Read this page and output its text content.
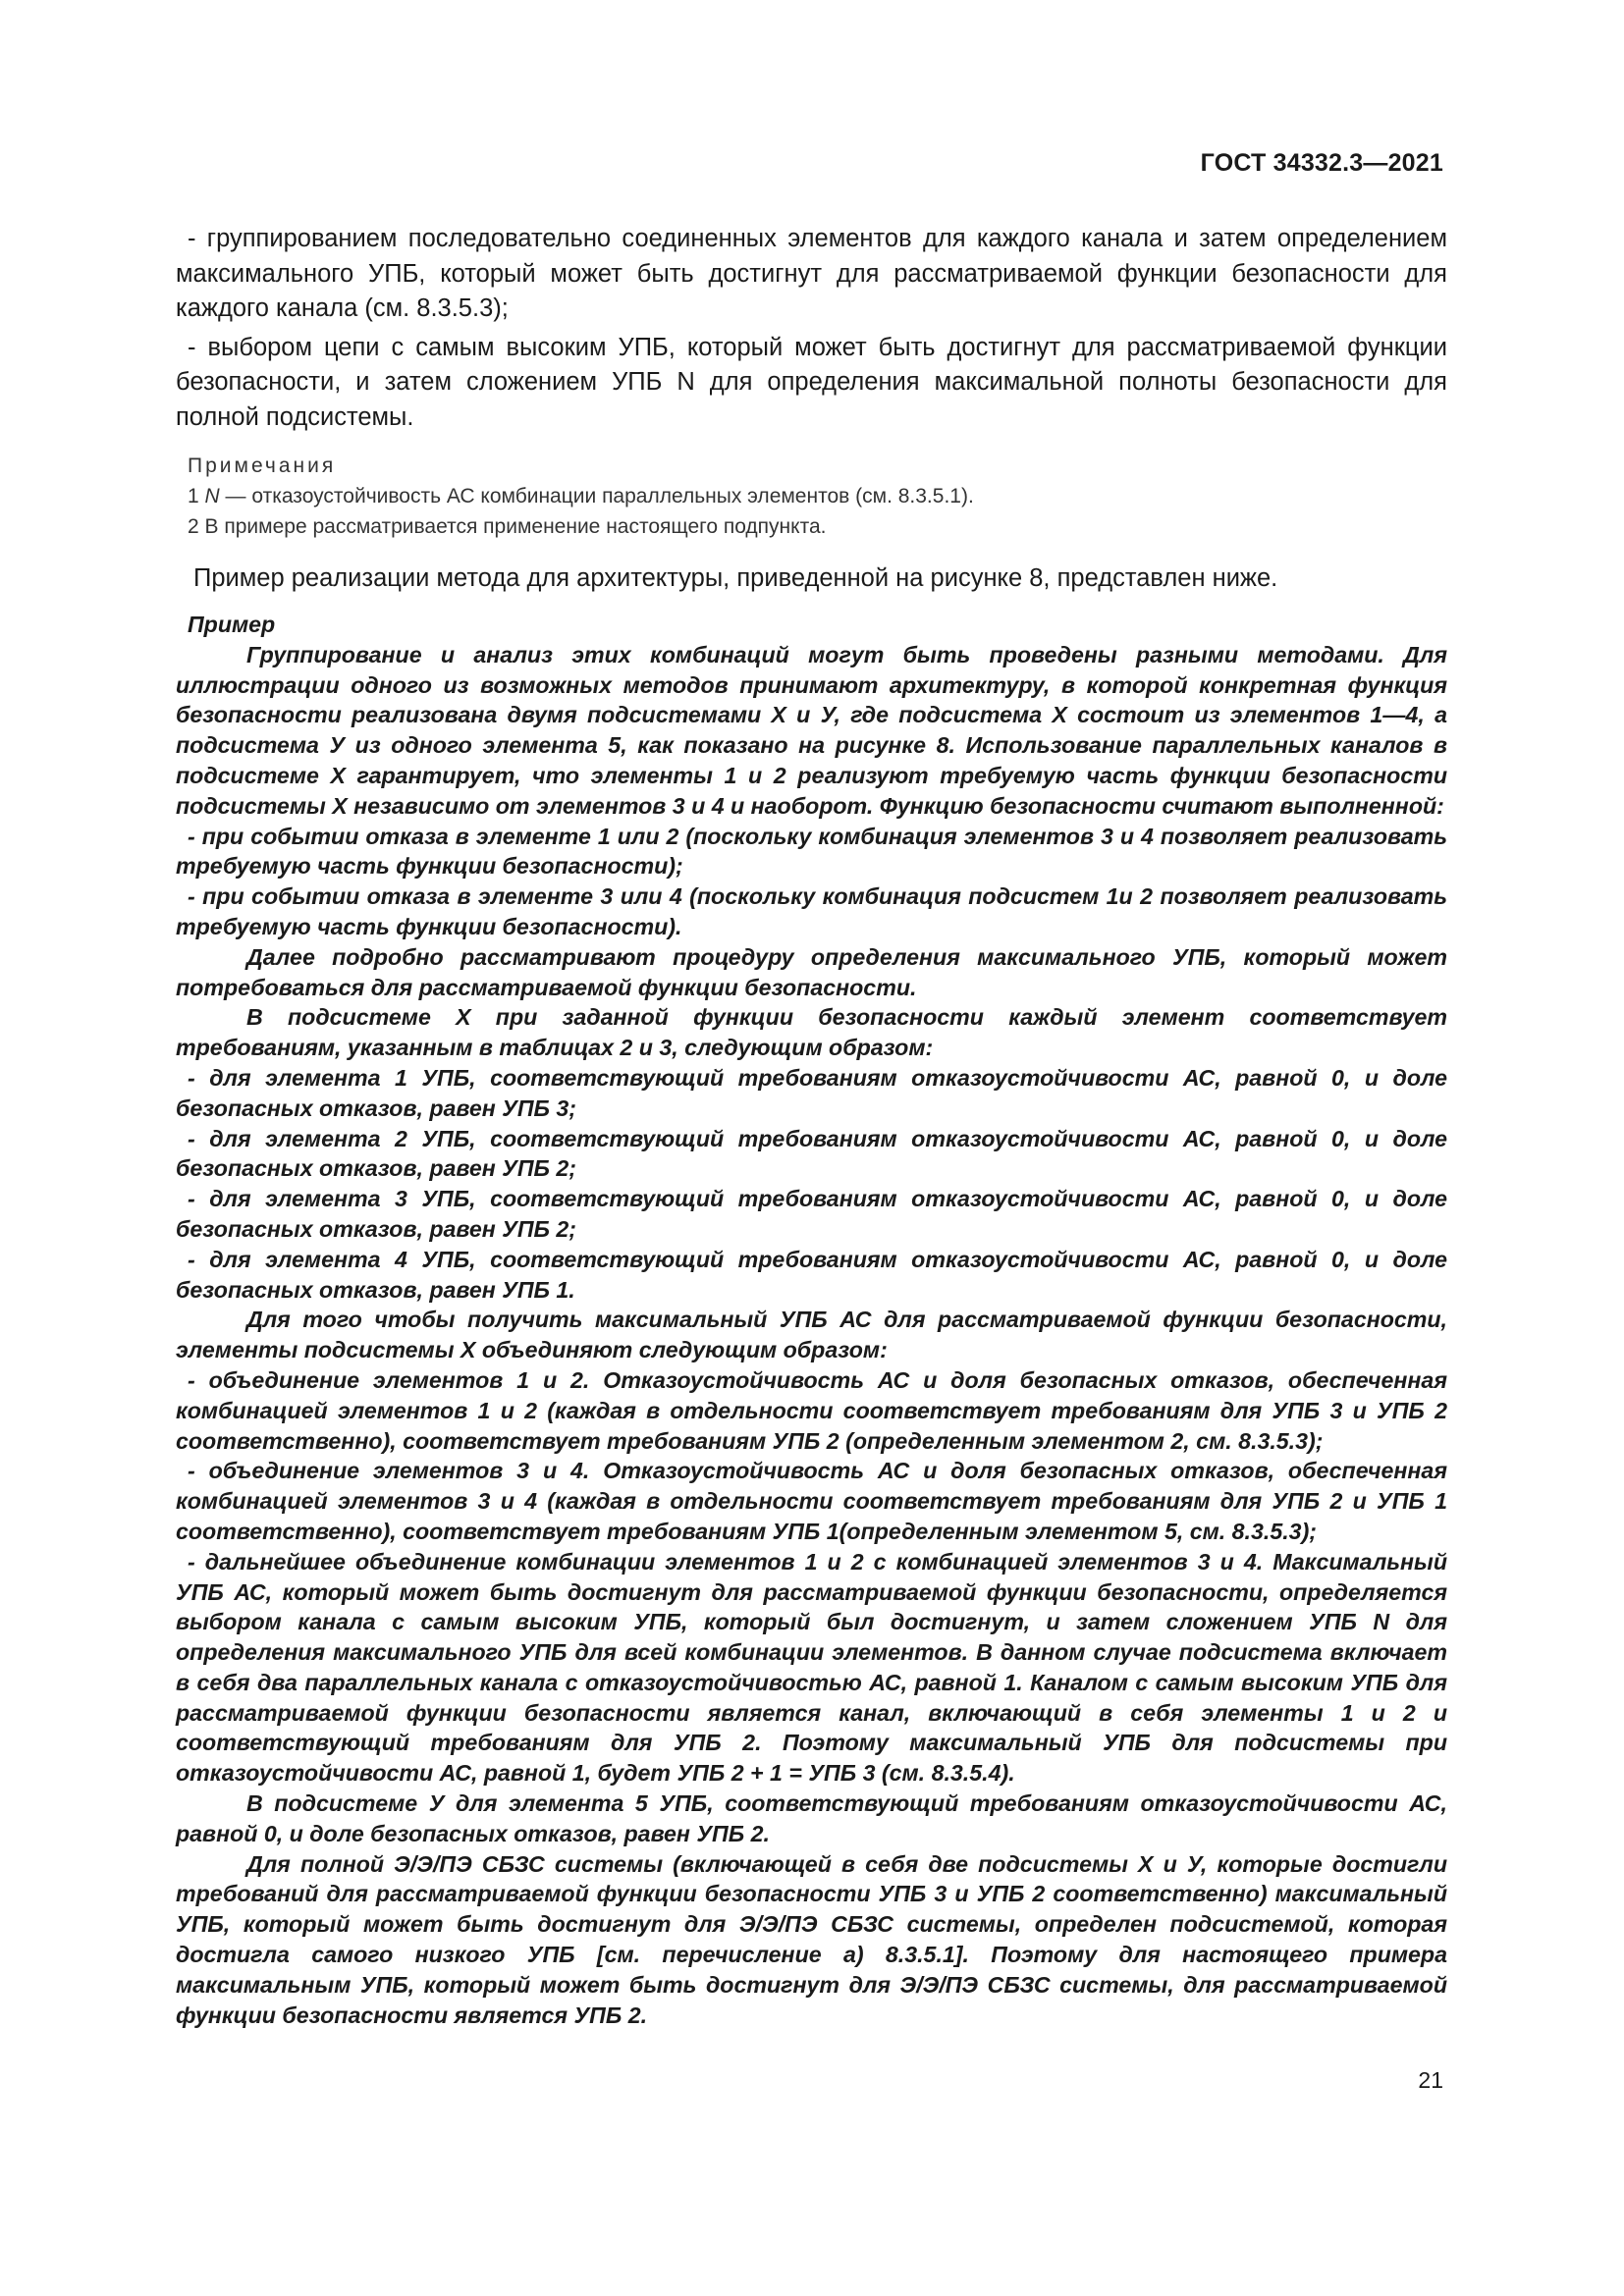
ГОСТ 34332.3—2021

- группированием последовательно соединенных элементов для каждого канала и затем определением максимального УПБ, который может быть достигнут для рассматриваемой функции безопасности для каждого канала (см. 8.3.5.3);

- выбором цепи с самым высоким УПБ, который может быть достигнут для рассматриваемой функции безопасности, и затем сложением УПБ N для определения максимальной полноты безопасности для полной подсистемы.

Примечания
1 N — отказоустойчивость АС комбинации параллельных элементов (см. 8.3.5.1).
2 В примере рассматривается применение настоящего подпункта.
Пример реализации метода для архитектуры, приведенной на рисунке 8, представлен ниже.
Пример

Группирование и анализ этих комбинаций могут быть проведены разными методами. Для иллюстрации одного из возможных методов принимают архитектуру, в которой конкретная функция безопасности реализована двумя подсистемами X и У, где подсистема X состоит из элементов 1—4, а подсистема У из одного элемента 5, как показано на рисунке 8. Использование параллельных каналов в подсистеме X гарантирует, что элементы 1 и 2 реализуют требуемую часть функции безопасности подсистемы X независимо от элементов 3 и 4 и наоборот. Функцию безопасности считают выполненной:

- при событии отказа в элементе 1 или 2 (поскольку комбинация элементов 3 и 4 позволяет реализовать требуемую часть функции безопасности);

- при событии отказа в элементе 3 или 4 (поскольку комбинация подсистем 1и 2 позволяет реализовать требуемую часть функции безопасности).

Далее подробно рассматривают процедуру определения максимального УПБ, который может потребоваться для рассматриваемой функции безопасности.

В подсистеме X при заданной функции безопасности каждый элемент соответствует требованиям, указанным в таблицах 2 и 3, следующим образом:

- для элемента 1 УПБ, соответствующий требованиям отказоустойчивости АС, равной 0, и доле безопасных отказов, равен УПБ 3;

- для элемента 2 УПБ, соответствующий требованиям отказоустойчивости АС, равной 0, и доле безопасных отказов, равен УПБ 2;

- для элемента 3 УПБ, соответствующий требованиям отказоустойчивости АС, равной 0, и доле безопасных отказов, равен УПБ 2;

- для элемента 4 УПБ, соответствующий требованиям отказоустойчивости АС, равной 0, и доле безопасных отказов, равен УПБ 1.

Для того чтобы получить максимальный УПБ АС для рассматриваемой функции безопасности, элементы подсистемы X объединяют следующим образом:

- объединение элементов 1 и 2. Отказоустойчивость АС и доля безопасных отказов, обеспеченная комбинацией элементов 1 и 2 (каждая в отдельности соответствует требованиям для УПБ 3 и УПБ 2 соответственно), соответствует требованиям УПБ 2 (определенным элементом 2, см. 8.3.5.3);

- объединение элементов 3 и 4. Отказоустойчивость АС и доля безопасных отказов, обеспеченная комбинацией элементов 3 и 4 (каждая в отдельности соответствует требованиям для УПБ 2 и УПБ 1 соответственно), соответствует требованиям УПБ 1(определенным элементом 5, см. 8.3.5.3);

- дальнейшее объединение комбинации элементов 1 и 2 с комбинацией элементов 3 и 4. Максимальный УПБ АС, который может быть достигнут для рассматриваемой функции безопасности, определяется выбором канала с самым высоким УПБ, который был достигнут, и затем сложением УПБ N для определения максимального УПБ для всей комбинации элементов. В данном случае подсистема включает в себя два параллельных канала с отказоустойчивостью АС, равной 1. Каналом с самым высоким УПБ для рассматриваемой функции безопасности является канал, включающий в себя элементы 1 и 2 и соответствующий требованиям для УПБ 2. Поэтому максимальный УПБ для подсистемы при отказоустойчивости АС, равной 1, будет УПБ 2 + 1 = УПБ 3 (см. 8.3.5.4).

В подсистеме У для элемента 5 УПБ, соответствующий требованиям отказоустойчивости АС, равной 0, и доле безопасных отказов, равен УПБ 2.

Для полной Э/Э/ПЭ СБЗС системы (включающей в себя две подсистемы X и У, которые достигли требований для рассматриваемой функции безопасности УПБ 3 и УПБ 2 соответственно) максимальный УПБ, который может быть достигнут для Э/Э/ПЭ СБЗС системы, определен подсистемой, которая достигла самого низкого УПБ [см. перечисление а) 8.3.5.1]. Поэтому для настоящего примера максимальным УПБ, который может быть достигнут для Э/Э/ПЭ СБЗС системы, для рассматриваемой функции безопасности является УПБ 2.

21
